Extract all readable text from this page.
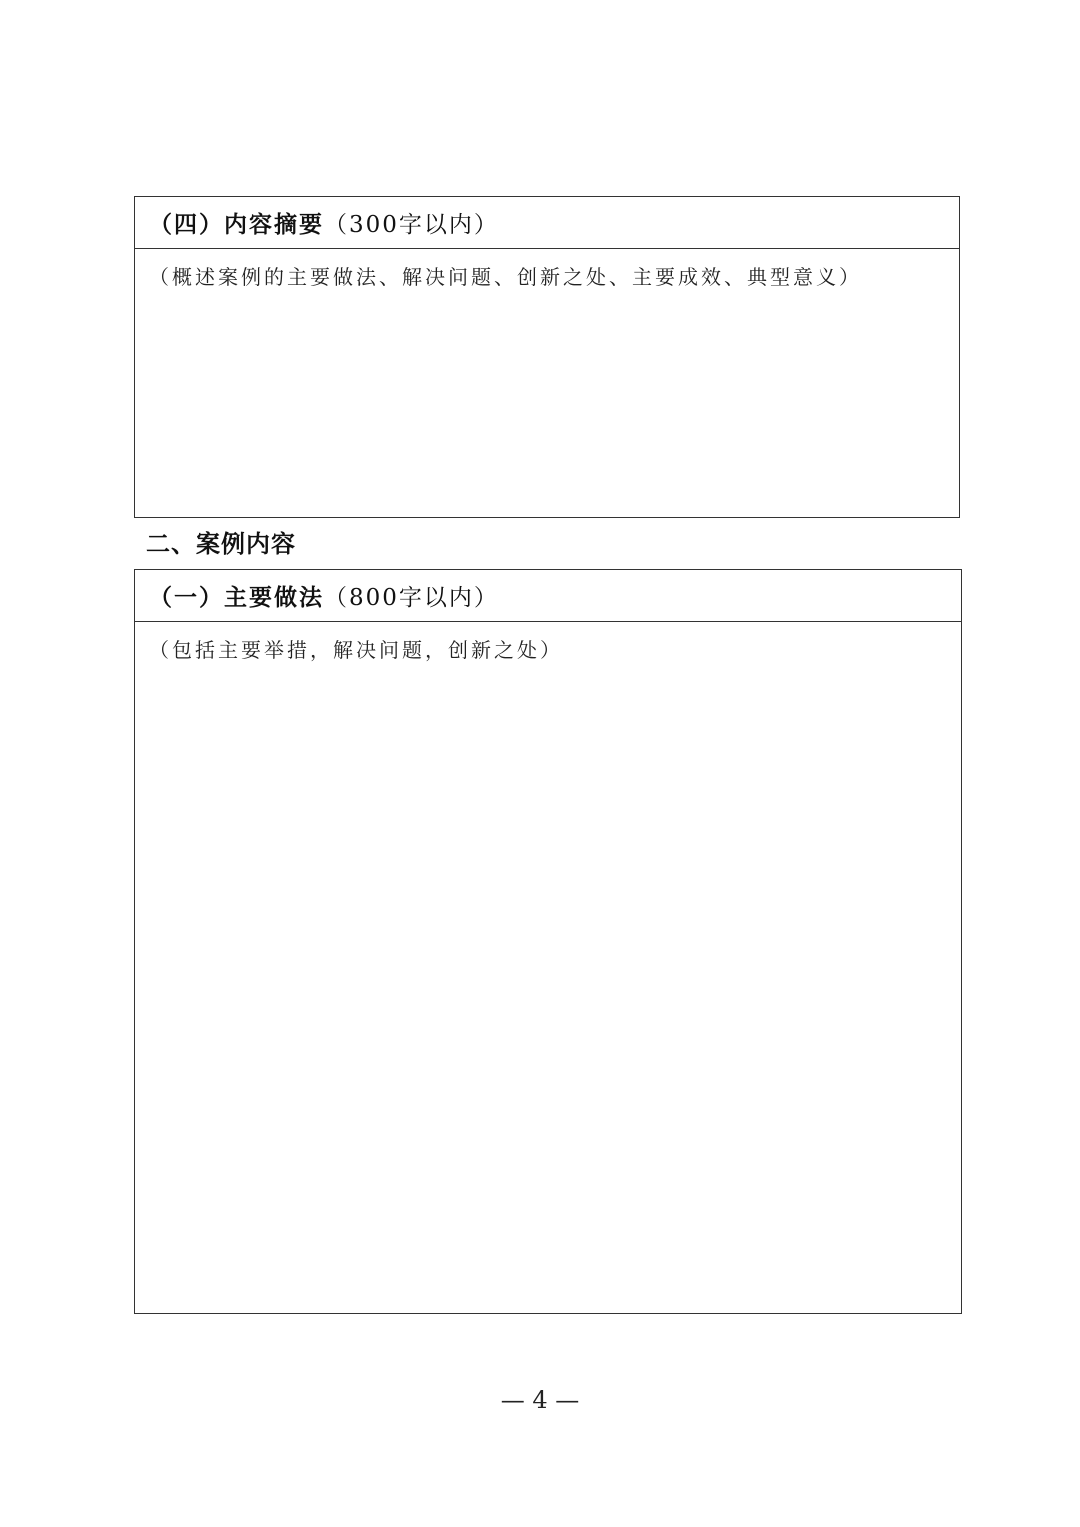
（四）内容摘要 （300字以内）
（概述案例的主要做法、解决问题、创新之处、主要成效、典型意义）
二、案例内容
（一）主要做法 （800字以内）
（包括主要举措，解决问题，创新之处）
— 4 —
